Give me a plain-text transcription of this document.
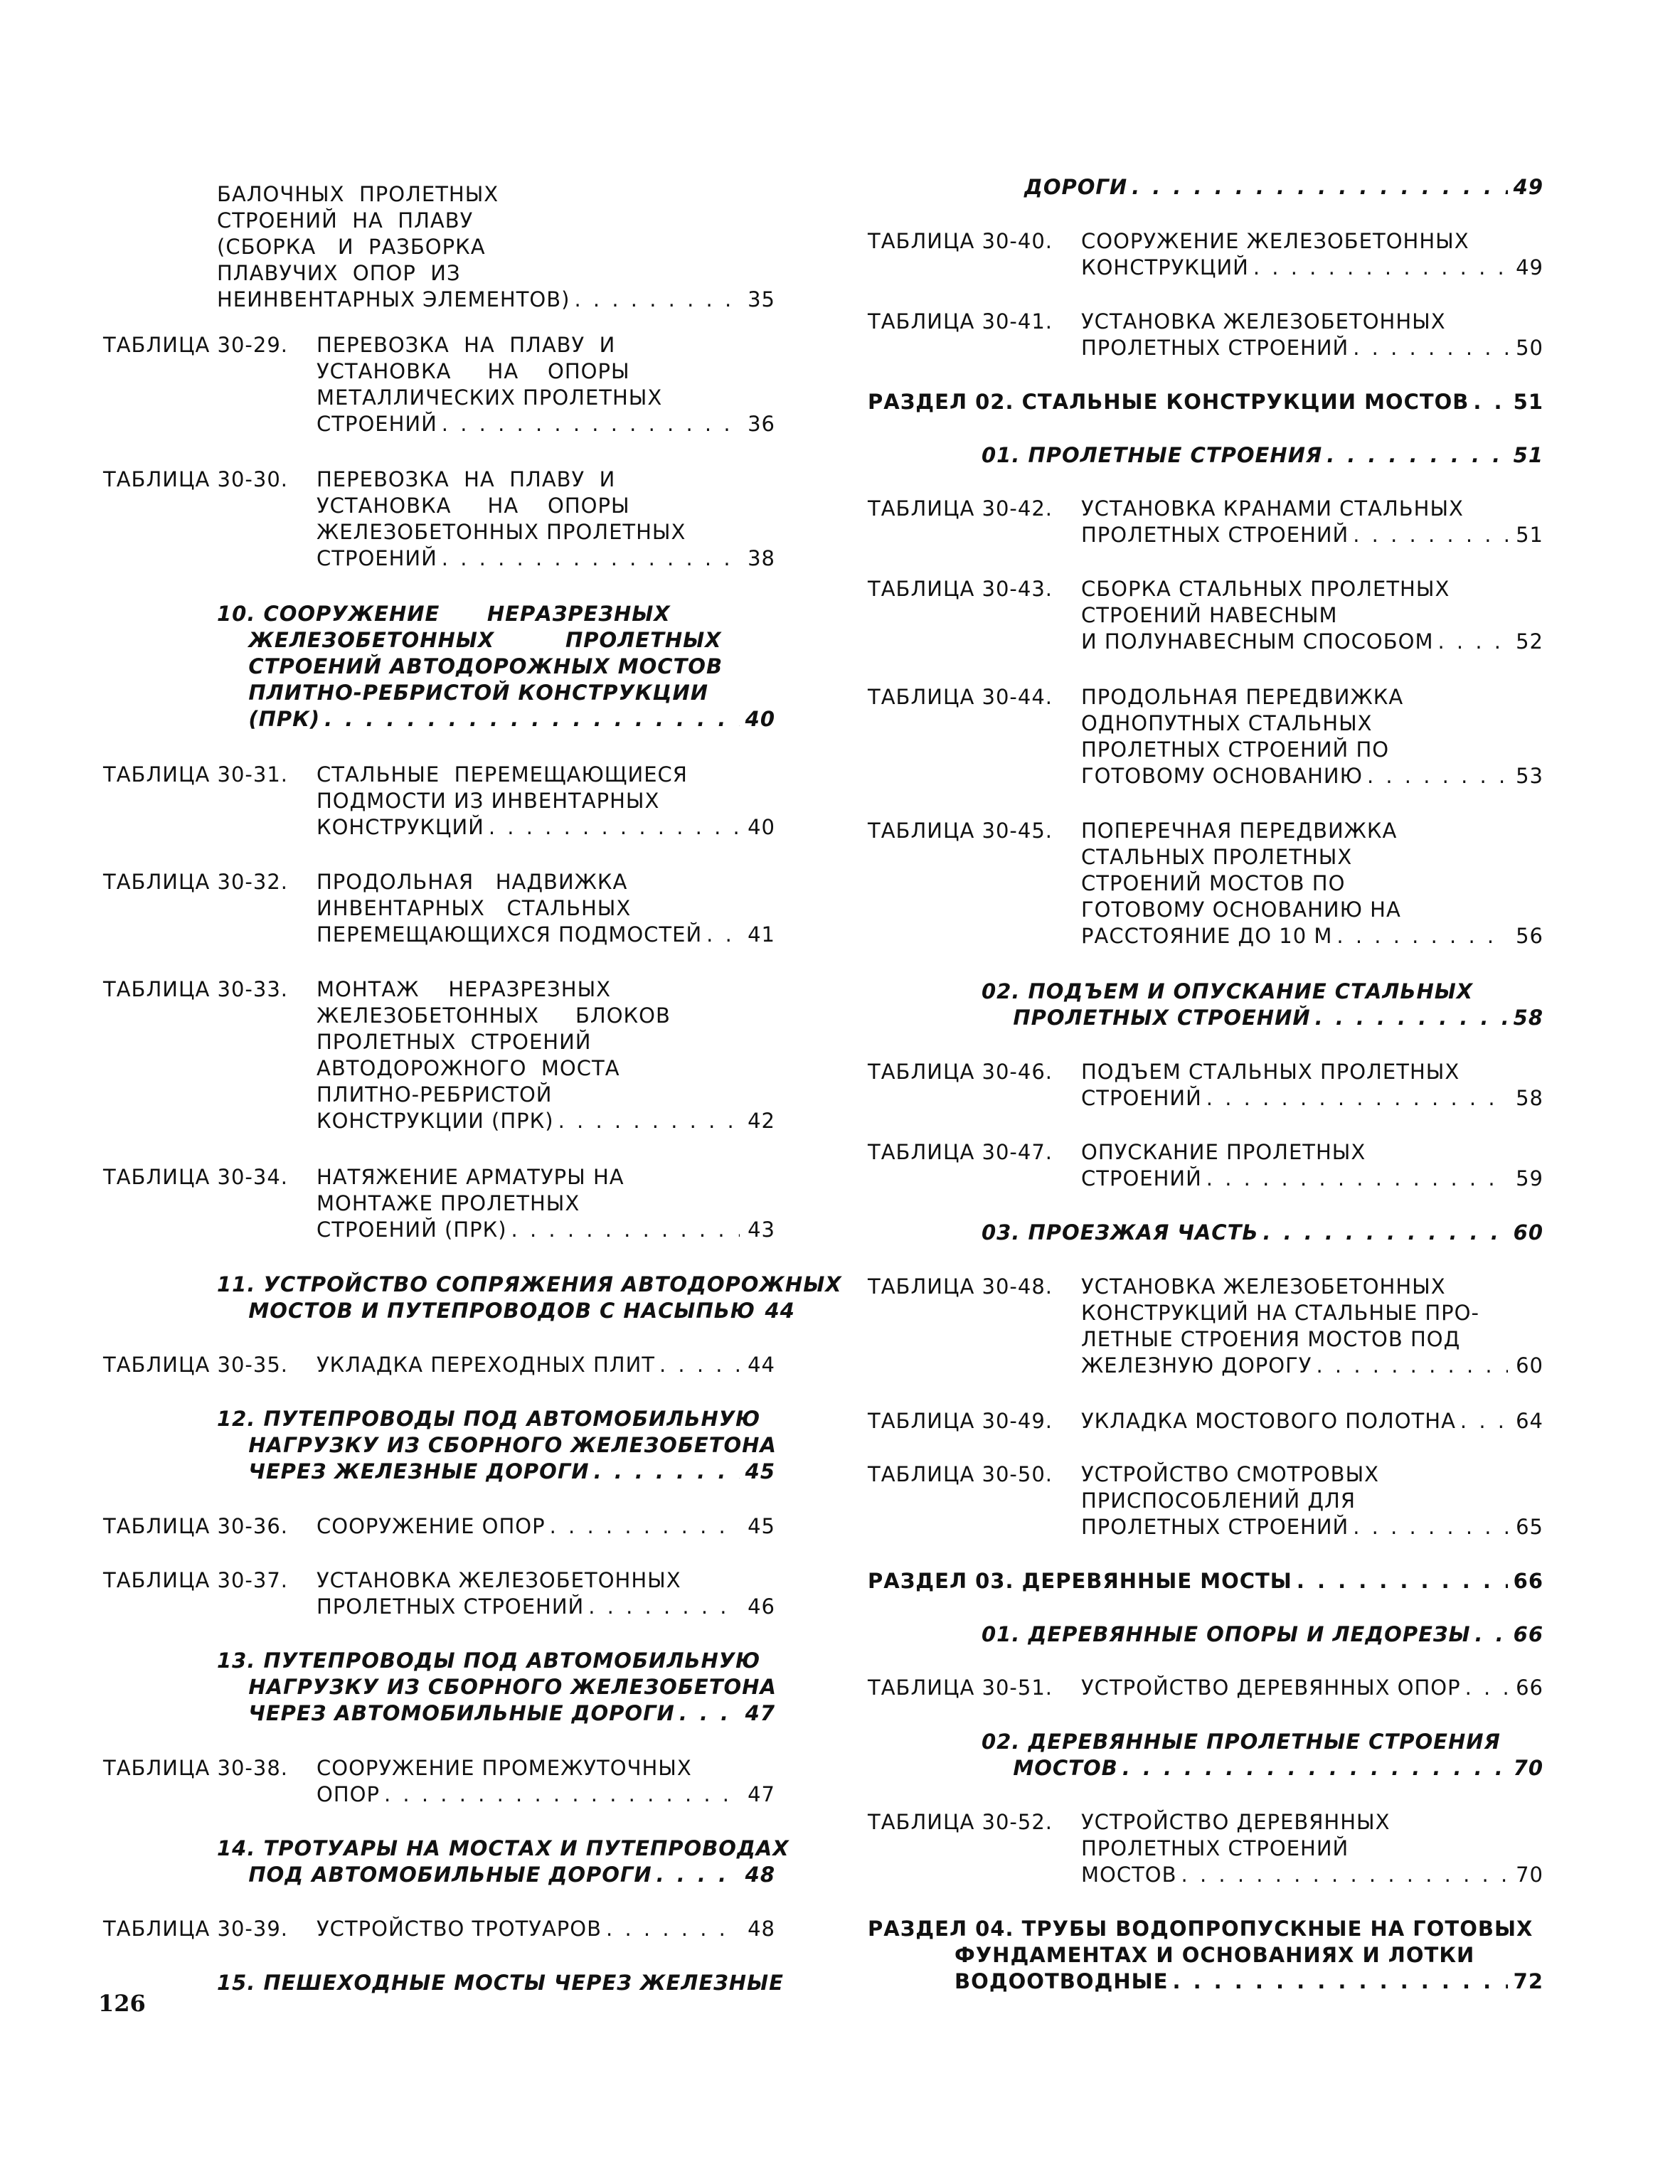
БАЛОЧНЫХ  ПРОЛЕТНЫХ
СТРОЕНИЙ  НА  ПЛАВУ
(СБОРКА   И  РАЗБОРКА
ПЛАВУЧИХ  ОПОР  ИЗ
НЕИНВЕНТАРНЫХ ЭЛЕМЕНТОВ) . . .	35
ТАБЛИЦА 30-29.	ПЕРЕВОЗКА  НА  ПЛАВУ  И
УСТАНОВКА     НА    ОПОРЫ
МЕТАЛЛИЧЕСКИХ ПРОЛЕТНЫХ
СТРОЕНИЙ . . .	36
ТАБЛИЦА 30-30.	ПЕРЕВОЗКА  НА  ПЛАВУ  И
УСТАНОВКА     НА    ОПОРЫ
ЖЕЛЕЗОБЕТОННЫХ ПРОЛЕТНЫХ
СТРОЕНИЙ . . .	38
10. СООРУЖЕНИЕ      НЕРАЗРЕЗНЫХ
ЖЕЛЕЗОБЕТОННЫХ         ПРОЛЕТНЫХ
СТРОЕНИЙ АВТОДОРОЖНЫХ МОСТОВ
ПЛИТНО-РЕБРИСТОЙ КОНСТРУКЦИИ
(ПРК) . . .	40
ТАБЛИЦА 30-31.	СТАЛЬНЫЕ  ПЕРЕМЕЩАЮЩИЕСЯ
ПОДМОСТИ ИЗ ИНВЕНТАРНЫХ
КОНСТРУКЦИЙ . . .	40
ТАБЛИЦА 30-32.	ПРОДОЛЬНАЯ   НАДВИЖКА
ИНВЕНТАРНЫХ   СТАЛЬНЫХ
ПЕРЕМЕЩАЮЩИХСЯ ПОДМОСТЕЙ . . . 41
ТАБЛИЦА 30-33.	МОНТАЖ    НЕРАЗРЕЗНЫХ
ЖЕЛЕЗОБЕТОННЫХ     БЛОКОВ
ПРОЛЕТНЫХ  СТРОЕНИЙ
АВТОДОРОЖНОГО  МОСТА
ПЛИТНО-РЕБРИСТОЙ
КОНСТРУКЦИИ (ПРК) . . .	42
ТАБЛИЦА 30-34.	НАТЯЖЕНИЕ АРМАТУРЫ НА
МОНТАЖЕ ПРОЛЕТНЫХ
СТРОЕНИЙ (ПРК) . . .	43
11. УСТРОЙСТВО СОПРЯЖЕНИЯ АВТОДОРОЖНЫХ
МОСТОВ И ПУТЕПРОВОДОВ С НАСЫПЬЮ 44
ТАБЛИЦА 30-35.	УКЛАДКА ПЕРЕХОДНЫХ ПЛИТ . . .	44
12. ПУТЕПРОВОДЫ ПОД АВТОМОБИЛЬНУЮ
НАГРУЗКУ ИЗ СБОРНОГО ЖЕЛЕЗОБЕТОНА
ЧЕРЕЗ ЖЕЛЕЗНЫЕ ДОРОГИ . . .	45
ТАБЛИЦА 30-36.	СООРУЖЕНИЕ ОПОР . . .	45
ТАБЛИЦА 30-37.	УСТАНОВКА ЖЕЛЕЗОБЕТОННЫХ
ПРОЛЕТНЫХ СТРОЕНИЙ . . .	46
13. ПУТЕПРОВОДЫ ПОД АВТОМОБИЛЬНУЮ
НАГРУЗКУ ИЗ СБОРНОГО ЖЕЛЕЗОБЕТОНА
ЧЕРЕЗ АВТОМОБИЛЬНЫЕ ДОРОГИ . . .	47
ТАБЛИЦА 30-38.	СООРУЖЕНИЕ ПРОМЕЖУТОЧНЫХ
ОПОР . . .	47
14. ТРОТУАРЫ НА МОСТАХ И ПУТЕПРОВОДАХ
ПОД АВТОМОБИЛЬНЫЕ ДОРОГИ . . .	48
ТАБЛИЦА 30-39.	УСТРОЙСТВО ТРОТУАРОВ . . .	48
15. ПЕШЕХОДНЫЕ МОСТЫ ЧЕРЕЗ ЖЕЛЕЗНЫЕ
ДОРОГИ . . .	49
ТАБЛИЦА 30-40.	СООРУЖЕНИЕ ЖЕЛЕЗОБЕТОННЫХ
КОНСТРУКЦИЙ . . .	49
ТАБЛИЦА 30-41.	УСТАНОВКА ЖЕЛЕЗОБЕТОННЫХ
ПРОЛЕТНЫХ СТРОЕНИЙ . . .	50
РАЗДЕЛ 02. СТАЛЬНЫЕ КОНСТРУКЦИИ МОСТОВ . . . 51
01. ПРОЛЕТНЫЕ СТРОЕНИЯ . . .	51
ТАБЛИЦА 30-42.	УСТАНОВКА КРАНАМИ СТАЛЬНЫХ
ПРОЛЕТНЫХ СТРОЕНИЙ . . .	51
ТАБЛИЦА 30-43.	СБОРКА СТАЛЬНЫХ ПРОЛЕТНЫХ
СТРОЕНИЙ НАВЕСНЫМ
И ПОЛУНАВЕСНЫМ СПОСОБОМ . . .	52
ТАБЛИЦА 30-44.	ПРОДОЛЬНАЯ ПЕРЕДВИЖКА
ОДНОПУТНЫХ СТАЛЬНЫХ
ПРОЛЕТНЫХ СТРОЕНИЙ ПО
ГОТОВОМУ ОСНОВАНИЮ . . .	53
ТАБЛИЦА 30-45.	ПОПЕРЕЧНАЯ ПЕРЕДВИЖКА
СТАЛЬНЫХ ПРОЛЕТНЫХ
СТРОЕНИЙ МОСТОВ ПО
ГОТОВОМУ ОСНОВАНИЮ НА
РАССТОЯНИЕ ДО 10 М . . .	56
02. ПОДЪЕМ И ОПУСКАНИЕ СТАЛЬНЫХ
ПРОЛЕТНЫХ СТРОЕНИЙ . . .	58
ТАБЛИЦА 30-46.	ПОДЪЕМ СТАЛЬНЫХ ПРОЛЕТНЫХ
СТРОЕНИЙ . . .	58
ТАБЛИЦА 30-47.	ОПУСКАНИЕ ПРОЛЕТНЫХ
СТРОЕНИЙ . . .	59
03. ПРОЕЗЖАЯ ЧАСТЬ . . .	60
ТАБЛИЦА 30-48.	УСТАНОВКА ЖЕЛЕЗОБЕТОННЫХ
КОНСТРУКЦИЙ НА СТАЛЬНЫЕ ПРО-
ЛЕТНЫЕ СТРОЕНИЯ МОСТОВ ПОД
ЖЕЛЕЗНУЮ ДОРОГУ . . .	60
ТАБЛИЦА 30-49.	УКЛАДКА МОСТОВОГО ПОЛОТНА . . .	64
ТАБЛИЦА 30-50.	УСТРОЙСТВО СМОТРОВЫХ
ПРИСПОСОБЛЕНИЙ ДЛЯ
ПРОЛЕТНЫХ СТРОЕНИЙ . . .	65
РАЗДЕЛ 03. ДЕРЕВЯННЫЕ МОСТЫ . . .	66
01. ДЕРЕВЯННЫЕ ОПОРЫ И ЛЕДОРЕЗЫ . . . 66
ТАБЛИЦА 30-51.	УСТРОЙСТВО ДЕРЕВЯННЫХ ОПОР . . .	66
02. ДЕРЕВЯННЫЕ ПРОЛЕТНЫЕ СТРОЕНИЯ
МОСТОВ . . .	70
ТАБЛИЦА 30-52.	УСТРОЙСТВО ДЕРЕВЯННЫХ
ПРОЛЕТНЫХ СТРОЕНИЙ
МОСТОВ . . .	70
РАЗДЕЛ 04. ТРУБЫ ВОДОПРОПУСКНЫЕ НА ГОТОВЫХ
ФУНДАМЕНТАХ И ОСНОВАНИЯХ И ЛОТКИ
ВОДООТВОДНЫЕ . . .	72
126
